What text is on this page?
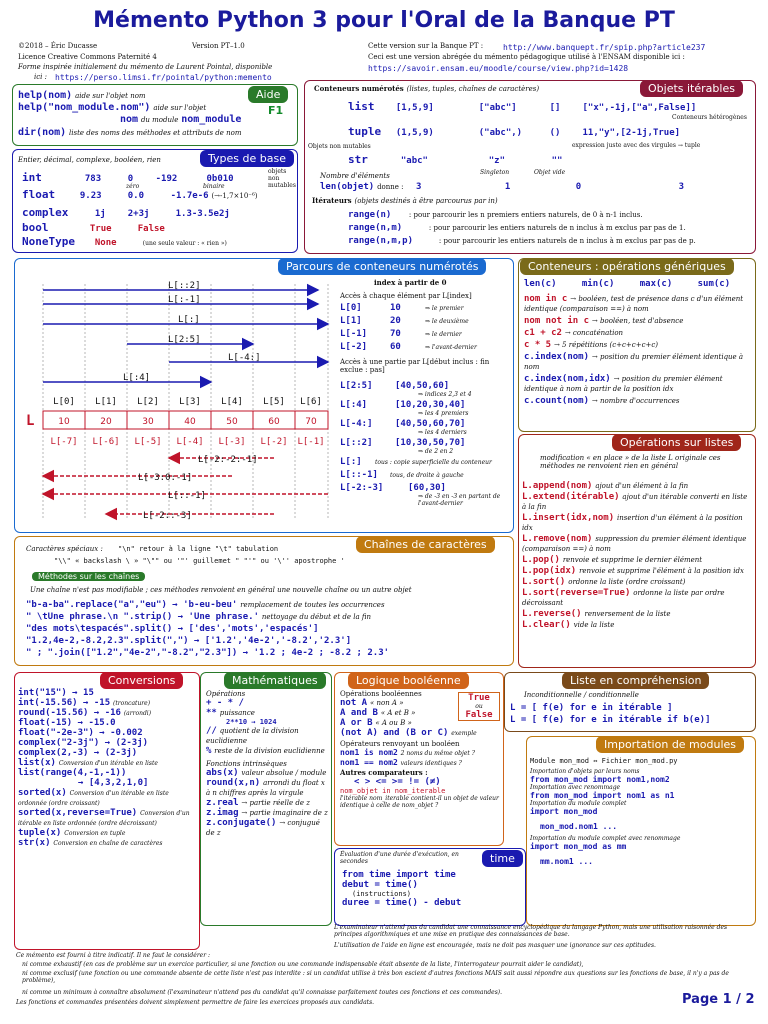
Mémento Python 3 pour l'Oral de la Banque PT
©2018 – Éric Ducasse	Version PT–1.0
Licence Creative Commons Paternité 4
Forme inspirée initialement du mémento de Laurent Pointal, disponible
ici : https://perso.limsi.fr/pointal/python:memento
Cette version sur la Banque PT : http://www.banquept.fr/spip.php?article237
Ceci est une version abrégée du mémento pédagogique utilisé à l'ENSAM disponible ici :
https://savoir.ensam.eu/moodle/course/view.php?id=1428
Aide
F1
help(nom) aide sur l'objet nom
help("nom_module.nom") aide sur l'objet
nom du module nom_module
dir(nom) liste des noms des méthodes et attributs de nom
Types de base
Entier, décimal, complexe, booléen, rien
objets non mutables
int	783	0 -192	0b010
zéro	binaire
float	9.23	0.0	-1.7e-6 (→-1,7×10⁻⁶)
complex	1j 2+3j	1.3-3.5e2j
bool	True	False
NoneType None	(une seule valeur : « rien »)
Objets itérables
Conteneurs numérotés (listes, tuples, chaînes de caractères)
list [1,5,9]	["abc"]	[] ["x",-1j,["a",False]]
Conteneurs hétérogènes
tuple (1,5,9)	("abc",)	() 11,"y",[2-1j,True]
Objets non mutables	expression juste avec des virgules → tuple
str	"abc"	"z"	""
Singleton	Objet vide
Nombre d'éléments
len(objet) donne : 3	1	0	3
Itérateurs (objets destinés à être parcourus par in)
range(n)	: pour parcourir les n premiers entiers naturels, de 0 à n-1 inclus.
range(n,m)	: pour parcourir les entiers naturels de n inclus à m exclus par pas de 1.
range(n,m,p)	: pour parcourir les entiers naturels de n inclus à m exclus par pas de p.
Parcours de conteneurs numérotés
index à partir de 0
L[::2]
L[:-1]
L[:]
L[2:5]
L[-4:]
L[:4]
L[0] L[1] L[2] L[3] L[4] L[5] L[6]
L	10	20	30	40	50	60	70
L[-7] L[-6] L[-5] L[-4] L[-3] L[-2] L[-1]
L[-2:-2:-1]
L[-3:0:-1]
L[::-1]
L[-2::-3]
Accès à chaque élément par L[index]
L[0]	10	⇒ le premier
L[1]	20	⇒ le deuxième
L[-1]	70	⇒ le dernier
L[-2]	60	⇒ l'avant-dernier
Accès à une partie par L[début inclus : fin exclue : pas]
L[2:5] [40,50,60]
⇒ indices 2,3 et 4
L[:4]	[10,20,30,40]
⇒ les 4 premiers
L[-4:] [40,50,60,70]
⇒ les 4 derniers
L[::2] [10,30,50,70]
⇒ de 2 en 2
L[:] tous : copie superficielle du conteneur
L[::-1] tous, de droite à gauche
L[-2:-3]	[60,30]
⇒ de -3 en -3 en partant de l'avant-dernier
Conteneurs : opérations génériques
len(c)	min(c)	max(c)	sum(c)
nom in c → booléen, test de présence dans c d'un élément identique (comparaison ==) à nom
nom not in c → booléen, test d'absence
c1 + c2 → concaténation
c * 5 → 5 répétitions (c+c+c+c+c)
c.index(nom) → position du premier élément identique à nom
c.index(nom,idx) → position du premier élément identique à nom à partir de la position idx
c.count(nom) → nombre d'occurrences
Opérations sur listes
modification « en place » de la liste L originale ces méthodes ne renvoient rien en général
L.append(nom) ajout d'un élément à la fin
L.extend(itérable) ajout d'un itérable converti en liste à la fin
L.insert(idx,nom) insertion d'un élément à la position idx
L.remove(nom) suppression du premier élément identique (comparaison ==) à nom
L.pop() renvoie et supprime le dernier élément
L.pop(idx) renvoie et supprime l'élément à la position idx
L.sort() ordonne la liste (ordre croissant)
L.sort(reverse=True) ordonne la liste par ordre décroissant
L.reverse() renversement de la liste
L.clear() vide la liste
Chaînes de caractères
Caractères spéciaux : "\n" retour à la ligne "\t" tabulation
"\\" « backslash \ » "\"" ou '"' guillemet " "'" ou '\'' apostrophe '
Méthodes sur les chaînes
Une chaîne n'est pas modifiable ; ces méthodes renvoient en général une nouvelle chaîne ou un autre objet
"b-a-ba".replace("a","eu") → 'b-eu-beu' remplacement de toutes les occurrences
" \tUne phrase.\n ".strip() → 'Une phrase.' nettoyage du début et de la fin
"des mots\tespacés".split() → ['des','mots','espacés']
"1.2,4e-2,-8.2,2.3".split(",") → ['1.2','4e-2','-8.2','2.3']
" ; ".join(["1.2","4e-2","-8.2","2.3"]) → '1.2 ; 4e-2 ; -8.2 ; 2.3'
Conversions
int("15") → 15
int(-15.56) → -15 (troncature)
round(-15.56) → -16 (arrondi)
float(-15) → -15.0
float("-2e-3") → -0.002
complex("2-3j") → (2-3j)
complex(2,-3) → (2-3j)
list(x) Conversion d'un itérable en liste
list(range(4,-1,-1))
→ [4,3,2,1,0]
sorted(x) Conversion d'un itérable en liste ordonnée (ordre croissant)
sorted(x,reverse=True) Conversion d'un itérable en liste ordonnée (ordre décroissant)
tuple(x) Conversion en tuple
str(x) Conversion en chaîne de caractères
Mathématiques
Opérations
+ - * /
** puissance
2**10 → 1024
// quotient de la division euclidienne
% reste de la division euclidienne
Fonctions intrinsèques
abs(x) valeur absolue / module
round(x,n) arrondi du float x à n chiffres après la virgule
z.real → partie réelle de z
z.imag → partie imaginaire de z
z.conjugate() → conjugué de z
Logique booléenne
True
ou
False
Opérations booléennes
not A « non A »
A and B « A et B »
A or B « A ou B »
(not A) and (B or C) exemple
Opérateurs renvoyant un booléen
nom1 is nom2 2 noms du même objet ?
nom1 == nom2 valeurs identiques ?
Autres comparateurs :
< > <= >= != (≠)
nom_objet in nom_iterable
l'itérable nom_iterable contient-il un objet de valeur identique à celle de nom_objet ?
time
Évaluation d'une durée d'exécution, en secondes
from time import time
debut = time()
(instructions)
duree = time() - debut
Liste en compréhension
Inconditionnelle / conditionnelle
L = [ f(e) for e in itérable ]
L = [ f(e) for e in itérable if b(e)]
Importation de modules
Module mon_mod ⇔ Fichier mon_mod.py
Importation d'objets par leurs noms
from mon_mod import nom1,nom2
Importation avec renommage
from mon_mod import nom1 as n1
Importation du module complet
import mon_mod
mon_mod.nom1 ...
Importation du module complet avec renommage
import mon_mod as mm
mm.nom1 ...
L'examinateur n'attend pas du candidat une connaissance encyclopédique du langage Python, mais une utilisation raisonnée des principes algorithmiques et une mise en pratique des connaissances de base.
L'utilisation de l'aide en ligne est encouragée, mais ne doit pas masquer une ignorance sur ces aptitudes.
Ce mémento est fourni à titre indicatif. Il ne faut le considérer :
ni comme exhaustif (en cas de problème sur un exercice particulier, si une fonction ou une commande indispensable était absente de la liste, l'interrogateur pourrait aider le candidat),
ni comme exclusif (une fonction ou une commande absente de cette liste n'est pas interdite : si un candidat utilise à très bon escient d'autres fonctions MAIS sait aussi répondre aux questions sur les fonctions de base, il n'y a pas de problème),
ni comme un minimum à connaître absolument (l'examinateur n'attend pas du candidat qu'il connaisse parfaitement toutes ces fonctions et ces commandes).
Les fonctions et commandes présentées doivent simplement permettre de faire les exercices proposés aux candidats.	Page 1 / 2
